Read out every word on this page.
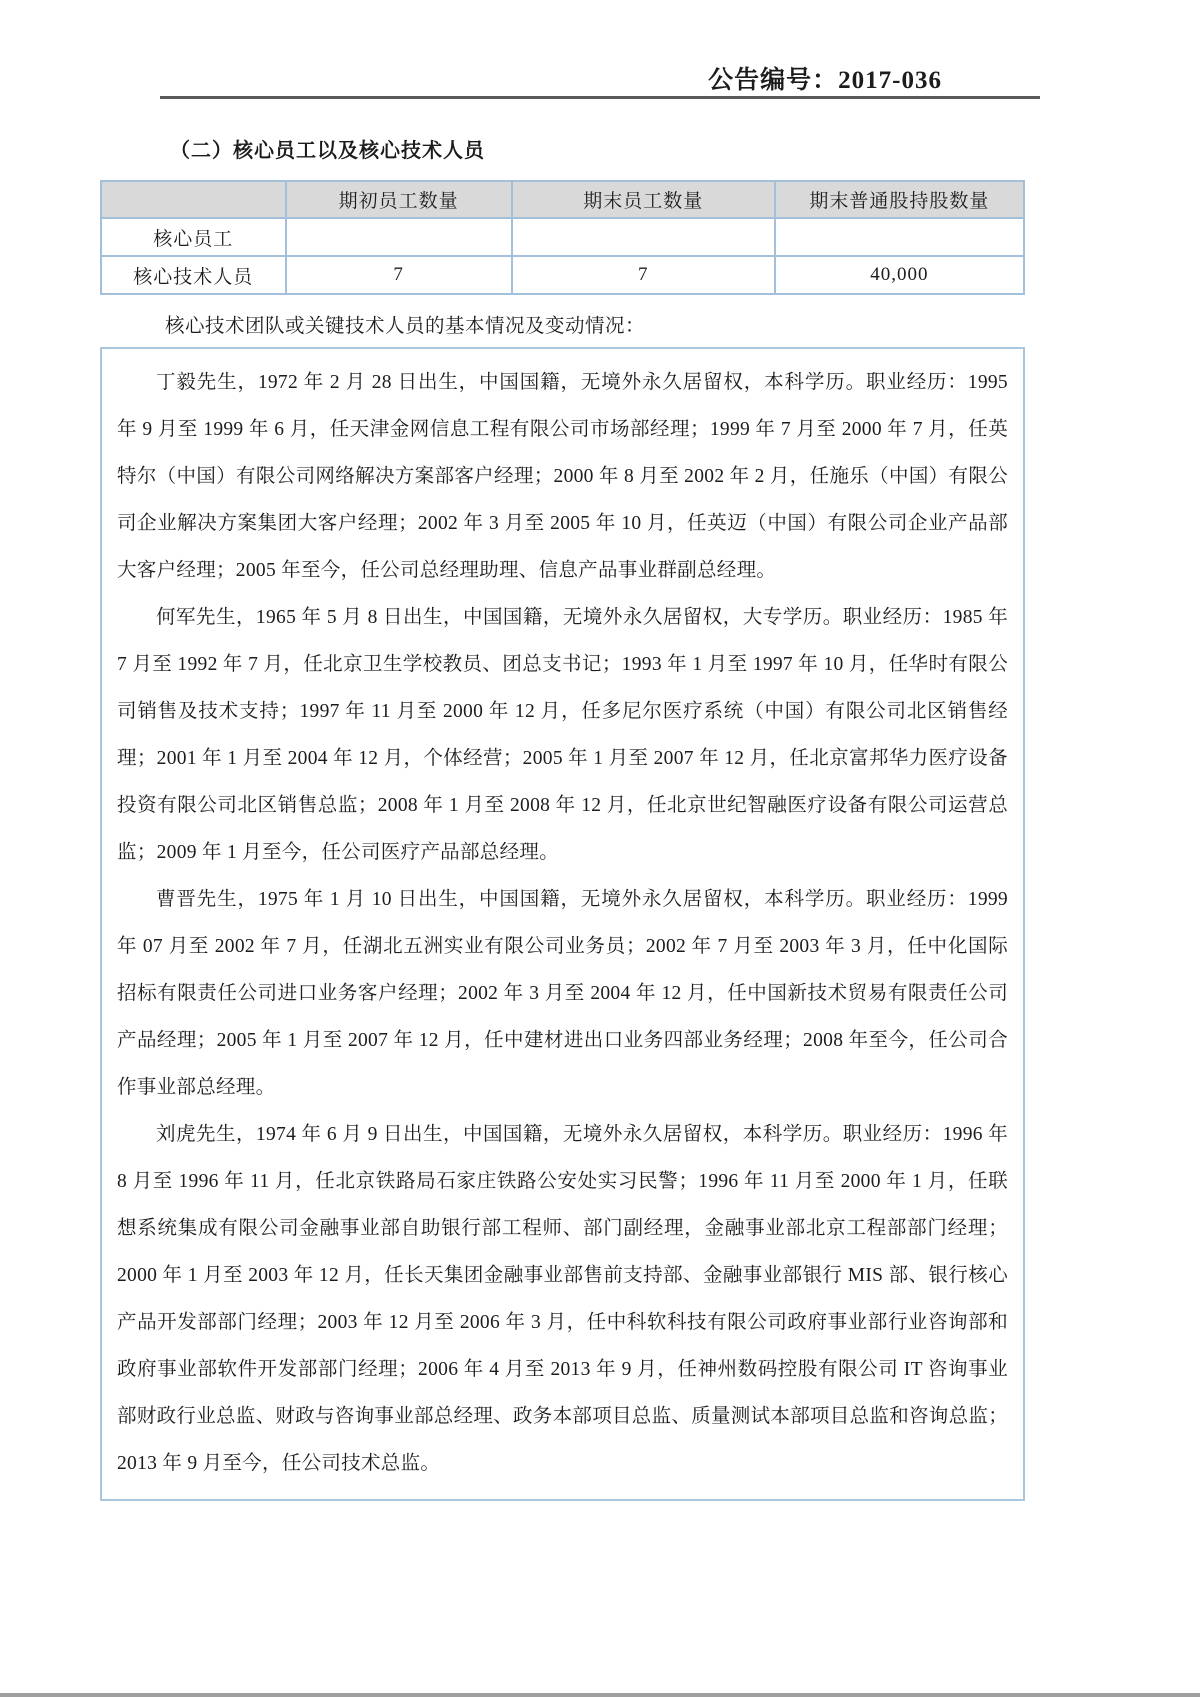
公告编号：2017-036
（二）核心员工以及核心技术人员
	期初员工数量	期末员工数量	期末普通股持股数量
核心员工			
核心技术人员	7	7	40,000

核心技术团队或关键技术人员的基本情况及变动情况：

丁毅先生，1972 年 2 月 28 日出生，中国国籍，无境外永久居留权，本科学历。职业经历：1995 年 9 月至 1999 年 6 月，任天津金网信息工程有限公司市场部经理；1999 年 7 月至 2000 年 7 月，任英特尔（中国）有限公司网络解决方案部客户经理；2000 年 8 月至 2002 年 2 月，任施乐（中国）有限公司企业解决方案集团大客户经理；2002 年 3 月至 2005 年 10 月，任英迈（中国）有限公司企业产品部大客户经理；2005 年至今，任公司总经理助理、信息产品事业群副总经理。

何军先生，1965 年 5 月 8 日出生，中国国籍，无境外永久居留权，大专学历。职业经历：1985 年 7 月至 1992 年 7 月，任北京卫生学校教员、团总支书记；1993 年 1 月至 1997 年 10 月，任华时有限公司销售及技术支持；1997 年 11 月至 2000 年 12 月，任多尼尔医疗系统（中国）有限公司北区销售经理；2001 年 1 月至 2004 年 12 月，个体经营；2005 年 1 月至 2007 年 12 月，任北京富邦华力医疗设备投资有限公司北区销售总监；2008 年 1 月至 2008 年 12 月，任北京世纪智融医疗设备有限公司运营总监；2009 年 1 月至今，任公司医疗产品部总经理。

曹晋先生，1975 年 1 月 10 日出生，中国国籍，无境外永久居留权，本科学历。职业经历：1999 年 07 月至 2002 年 7 月，任湖北五洲实业有限公司业务员；2002 年 7 月至 2003 年 3 月，任中化国际招标有限责任公司进口业务客户经理；2002 年 3 月至 2004 年 12 月，任中国新技术贸易有限责任公司产品经理；2005 年 1 月至 2007 年 12 月，任中建材进出口业务四部业务经理；2008 年至今，任公司合作事业部总经理。

刘虎先生，1974 年 6 月 9 日出生，中国国籍，无境外永久居留权，本科学历。职业经历：1996 年 8 月至 1996 年 11 月，任北京铁路局石家庄铁路公安处实习民警；1996 年 11 月至 2000 年 1 月，任联想系统集成有限公司金融事业部自助银行部工程师、部门副经理，金融事业部北京工程部部门经理；2000 年 1 月至 2003 年 12 月，任长天集团金融事业部售前支持部、金融事业部银行 MIS 部、银行核心产品开发部部门经理；2003 年 12 月至 2006 年 3 月，任中科软科技有限公司政府事业部行业咨询部和政府事业部软件开发部部门经理；2006 年 4 月至 2013 年 9 月，任神州数码控股有限公司 IT 咨询事业部财政行业总监、财政与咨询事业部总经理、政务本部项目总监、质量测试本部项目总监和咨询总监；2013 年 9 月至今，任公司技术总监。
